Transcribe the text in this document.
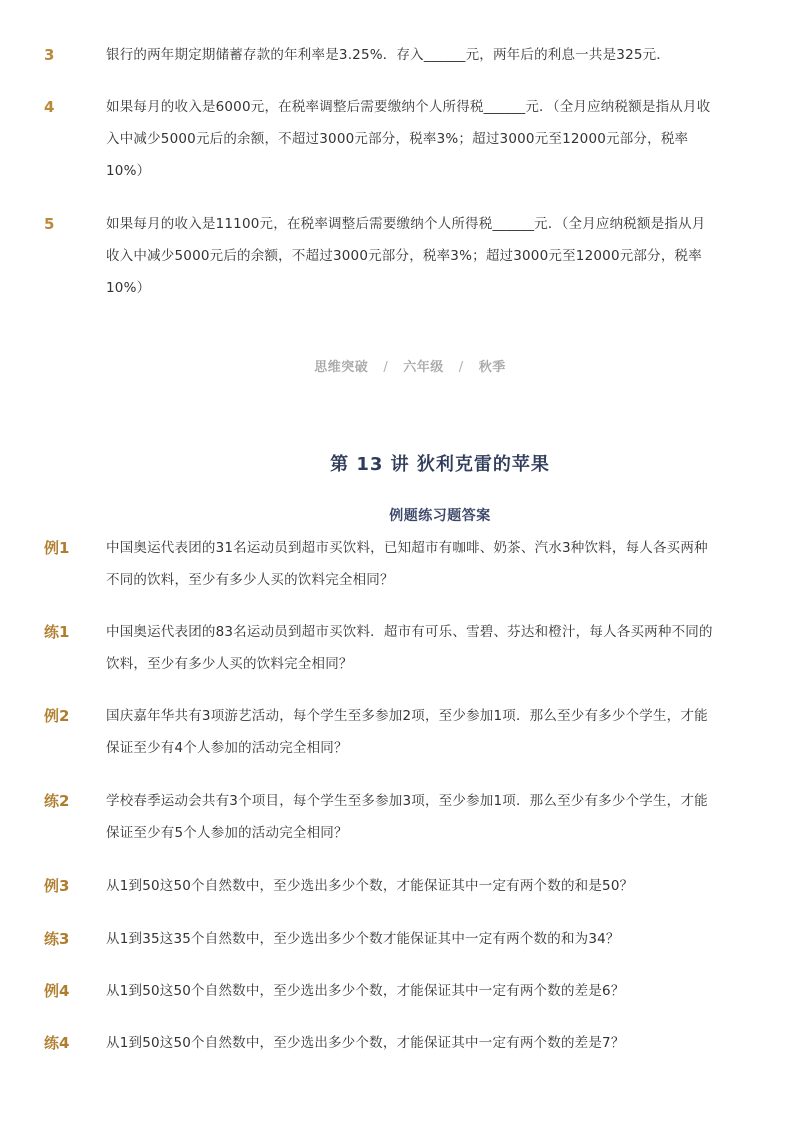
3	银行的两年期定期储蓄存款的年利率是3.25%．存入______元，两年后的利息一共是325元．
4	如果每月的收入是6000元，在税率调整后需要缴纳个人所得税______元．（全月应纳税额是指从月收入中减少5000元后的余额，不超过3000元部分，税率3%；超过3000元至12000元部分，税率10%）
5	如果每月的收入是11100元，在税率调整后需要缴纳个人所得税______元．（全月应纳税额是指从月收入中减少5000元后的余额，不超过3000元部分，税率3%；超过3000元至12000元部分，税率10%）
思维突破 / 六年级 / 秋季
第 13 讲 狄利克雷的苹果
例题练习题答案
例1	中国奥运代表团的31名运动员到超市买饮料，已知超市有咖啡、奶茶、汽水3种饮料，每人各买两种不同的饮料，至少有多少人买的饮料完全相同？
练1	中国奥运代表团的83名运动员到超市买饮料．超市有可乐、雪碧、芬达和橙汁，每人各买两种不同的饮料，至少有多少人买的饮料完全相同？
例2	国庆嘉年华共有3项游艺活动，每个学生至多参加2项，至少参加1项．那么至少有多少个学生，才能保证至少有4个人参加的活动完全相同？
练2	学校春季运动会共有3个项目，每个学生至多参加3项，至少参加1项．那么至少有多少个学生，才能保证至少有5个人参加的活动完全相同？
例3	从1到50这50个自然数中，至少选出多少个数，才能保证其中一定有两个数的和是50？
练3	从1到35这35个自然数中，至少选出多少个数才能保证其中一定有两个数的和为34？
例4	从1到50这50个自然数中，至少选出多少个数，才能保证其中一定有两个数的差是6？
练4	从1到50这50个自然数中，至少选出多少个数，才能保证其中一定有两个数的差是7？
